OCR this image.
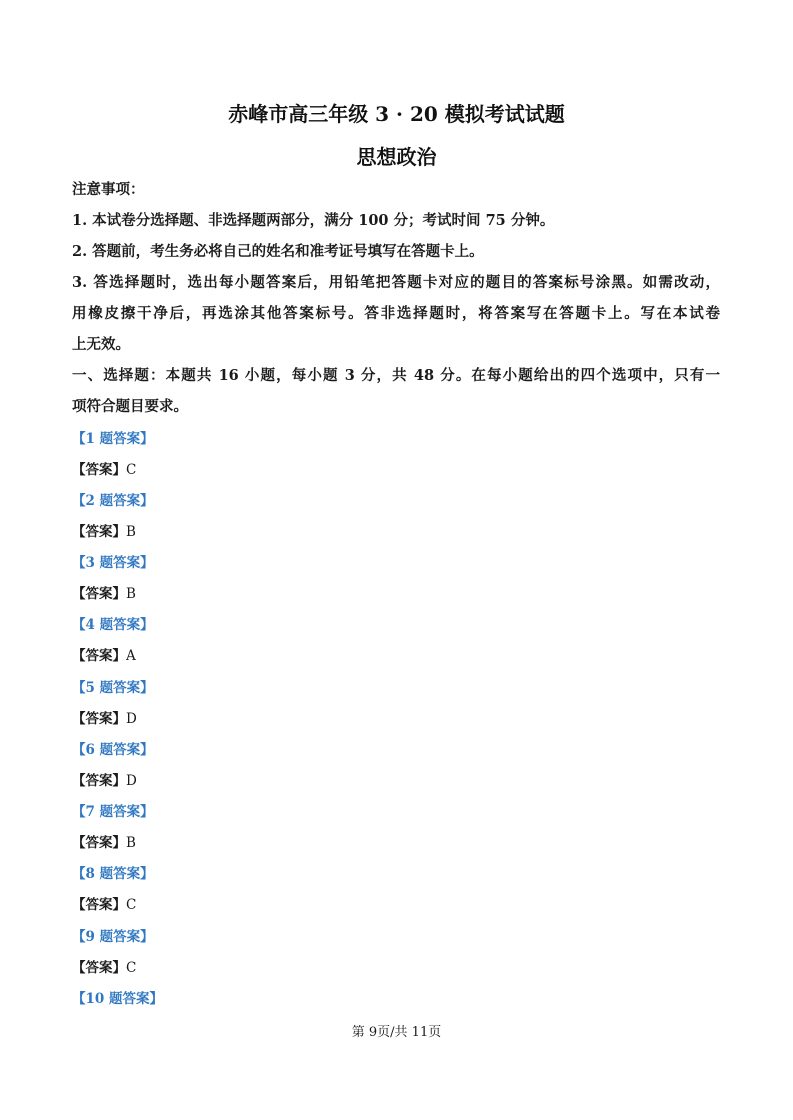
赤峰市高三年级 3 · 20 模拟考试试题
思想政治
注意事项：
1. 本试卷分选择题、非选择题两部分，满分 100 分；考试时间 75 分钟。
2. 答题前，考生务必将自己的姓名和准考证号填写在答题卡上。
3. 答选择题时，选出每小题答案后，用铅笔把答题卡对应的题目的答案标号涂黑。如需改动，
用橡皮擦干净后，再选涂其他答案标号。答非选择题时，将答案写在答题卡上。写在本试卷
上无效。
一、选择题：本题共 16 小题，每小题 3 分，共 48 分。在每小题给出的四个选项中，只有一
项符合题目要求。
【1 题答案】
【答案】C
【2 题答案】
【答案】B
【3 题答案】
【答案】B
【4 题答案】
【答案】A
【5 题答案】
【答案】D
【6 题答案】
【答案】D
【7 题答案】
【答案】B
【8 题答案】
【答案】C
【9 题答案】
【答案】C
【10 题答案】
第 9页/共 11页
